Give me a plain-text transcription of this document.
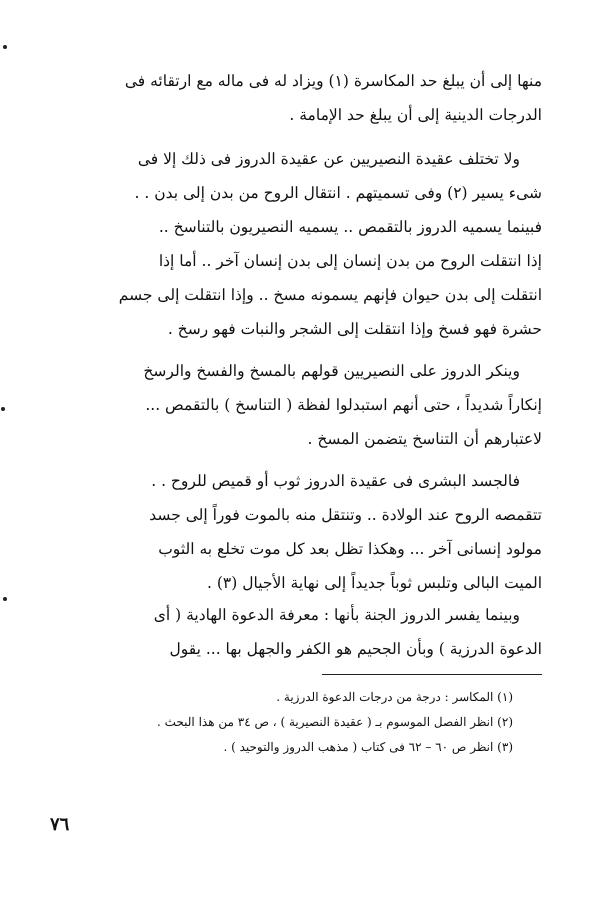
منها إلى أن يبلغ حد المكاسرة (١) ويزاد له فى ماله مع ارتقائه فى
الدرجات الدينية إلى أن يبلغ حد الإمامة .
ولا تختلف عقيدة النصيريين عن عقيدة الدروز فى ذلك إلا فى
شىء يسير (٢) وفى تسميتهم . انتقال الروح من بدن إلى بدن . .
فبينما يسميه الدروز بالتقمص .. يسميه النصيريون بالتناسخ ..
إذا انتقلت الروح من بدن إنسان إلى بدن إنسان آخر .. أما إذا
انتقلت إلى بدن حيوان فإنهم يسمونه مسخ .. وإذا انتقلت إلى جسم
حشرة فهو فسخ وإذا انتقلت إلى الشجر والنبات فهو رسخ .
وينكر الدروز على النصيريين قولهم بالمسخ والفسخ والرسخ
إنكاراً شديداً ، حتى أنهم استبدلوا لفظة ( التناسخ ) بالتقمص ...
لاعتبارهم أن التناسخ يتضمن المسخ .
فالجسد البشرى فى عقيدة الدروز ثوب أو قميص للروح . .
تتقمصه الروح عند الولادة .. وتنتقل منه بالموت فوراً إلى جسد
مولود إنسانى آخر ... وهكذا تظل بعد كل موت تخلع به الثوب
الميت البالى وتلبس ثوباً جديداً إلى نهاية الأجيال (٣) .
وبينما يفسر الدروز الجنة بأنها : معرفة الدعوة الهادية ( أى
الدعوة الدرزية ) وبأن الجحيم هو الكفر والجهل بها ... يقول
(١) المكاسر : درجة من درجات الدعوة الدرزية .
(٢) انظر الفصل الموسوم بـ ( عقيدة النصيرية ) ، ص ٣٤ من هذا البحث .
(٣) انظر ص ٦٠ – ٦٢ فى كتاب ( مذهب الدروز والتوحيد ) .
٧٦
